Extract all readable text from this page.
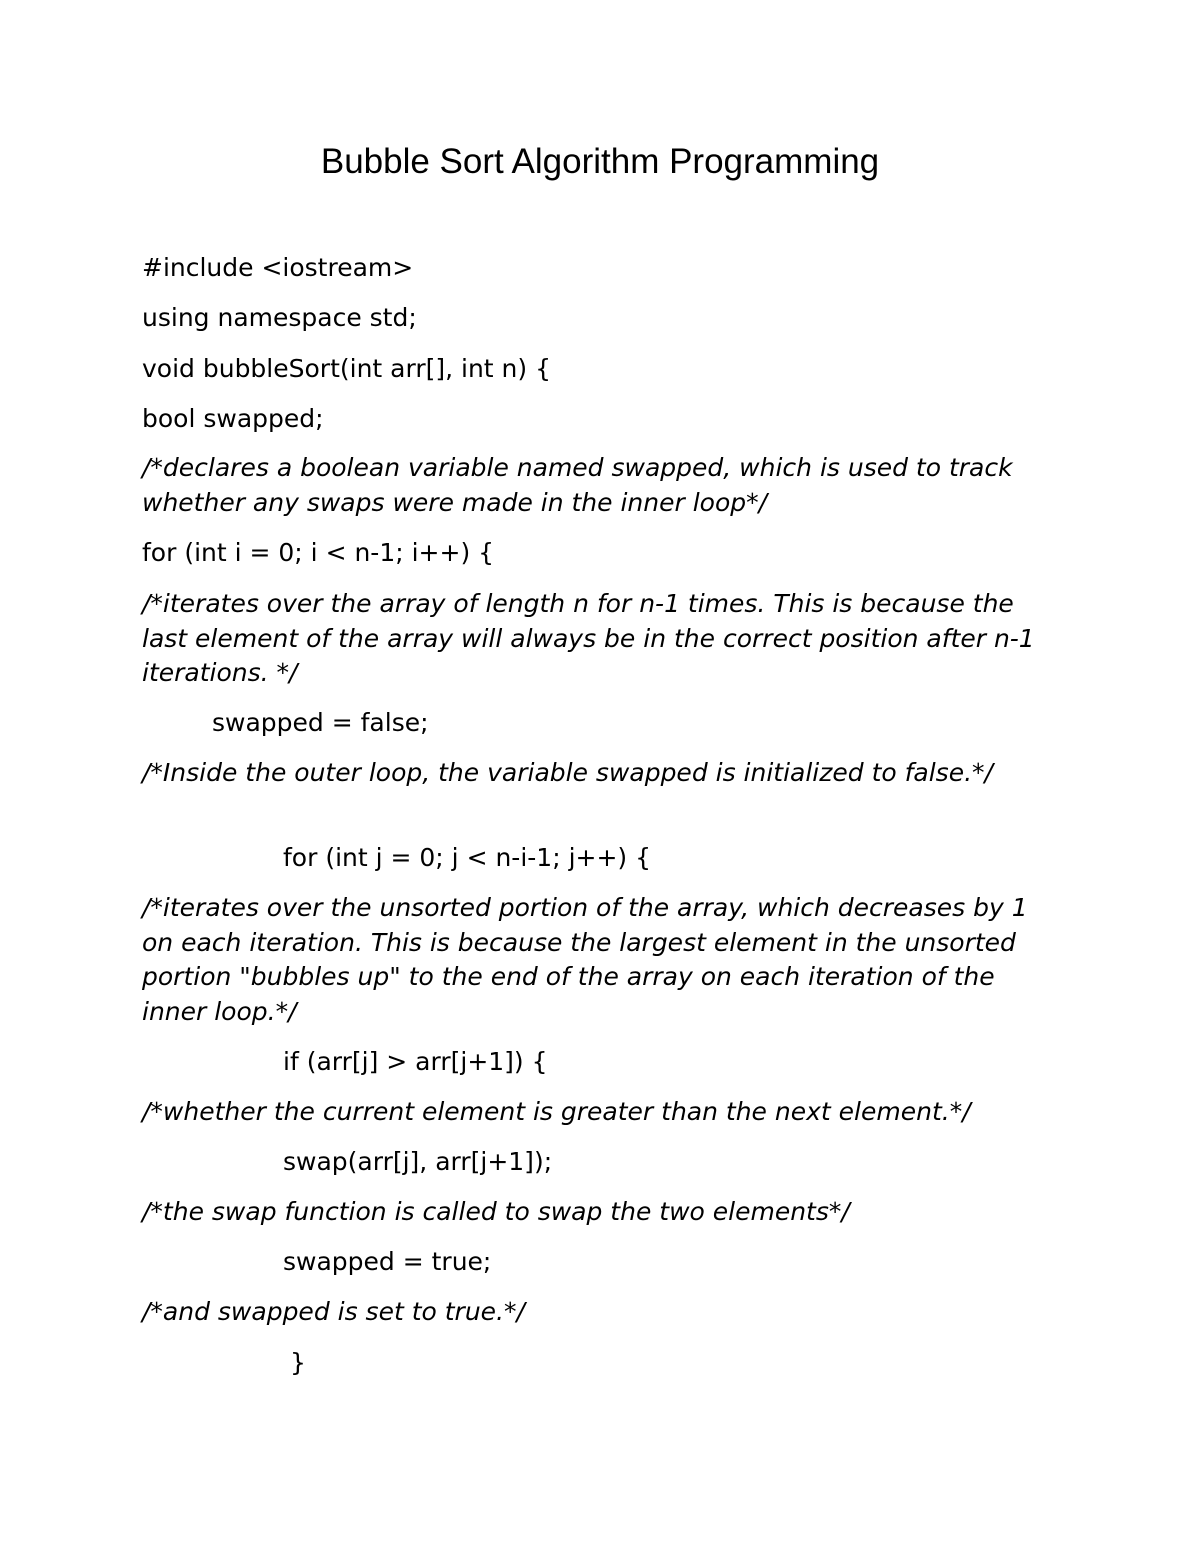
Bubble Sort Algorithm Programming
#include <iostream>
using namespace std;
void bubbleSort(int arr[], int n) {
bool swapped;
/*declares a boolean variable named swapped, which is used to track whether any swaps were made in the inner loop*/
for (int i = 0; i < n-1; i++) {
/*iterates over the array of length n for n-1 times. This is because the last element of the array will always be in the correct position after n-1 iterations. */
swapped = false;
/*Inside the outer loop, the variable swapped is initialized to false.*/
for (int j = 0; j < n-i-1; j++) {
/*iterates over the unsorted portion of the array, which decreases by 1 on each iteration. This is because the largest element in the unsorted portion "bubbles up" to the end of the array on each iteration of the inner loop.*/
if (arr[j] > arr[j+1]) {
/*whether the current element is greater than the next element.*/
swap(arr[j], arr[j+1]);
/*the swap function is called to swap the two elements*/
swapped = true;
/*and swapped is set to true.*/
}
